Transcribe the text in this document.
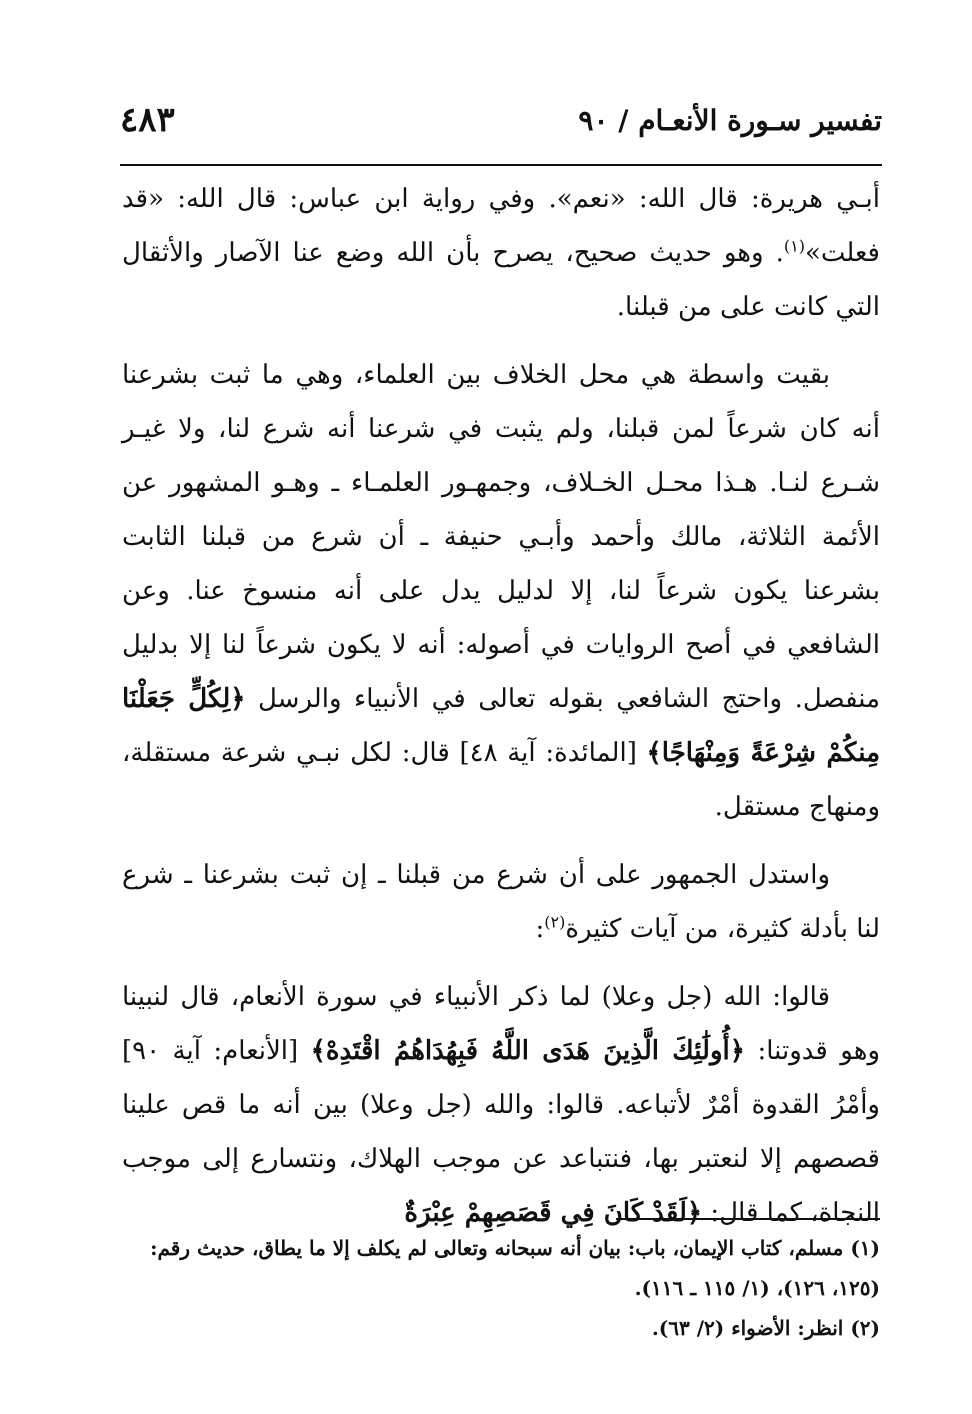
٤٨٣	تفسير سـورة الأنعـام / ٩٠

أبـي هريرة: قال الله: «نعم». وفي رواية ابن عباس: قال الله: «قد فعلت»$^{(١)}$. وهو حديث صحيح، يصرح بأن الله وضع عنا الآصار والأثقال التي كانت على من قبلنا.

بقيت واسطة هي محل الخلاف بين العلماء، وهي ما ثبت بشرعنا أنه كان شرعاً لمن قبلنا، ولم يثبت في شرعنا أنه شرع لنا، ولا غيـر شـرع لنـا. هـذا محـل الخـلاف، وجمهـور العلمـاء ـ وهـو المشهور عن الأئمة الثلاثة، مالك وأحمد وأبـي حنيفة ـ أن شرع من قبلنا الثابت بشرعنا يكون شرعاً لنا، إلا لدليل يدل على أنه منسوخ عنا. وعن الشافعي في أصح الروايات في أصوله: أنه لا يكون شرعاً لنا إلا بدليل منفصل. واحتج الشافعي بقوله تعالى في الأنبياء والرسل ﴿لِكُلٍّ جَعَلْنَا مِنكُمْ شِرْعَةً وَمِنْهَاجًا﴾ [المائدة: آية ٤٨] قال: لكل نبـي شرعة مستقلة، ومنهاج مستقل.

واستدل الجمهور على أن شرع من قبلنا ـ إن ثبت بشرعنا ـ شرع لنا بأدلة كثيرة، من آيات كثيرة$^{(٢)}$:

قالوا: الله (جل وعلا) لما ذكر الأنبياء في سورة الأنعام، قال لنبينا وهو قدوتنا: ﴿أُولَٰئِكَ الَّذِينَ هَدَى اللَّهُ فَبِهُدَاهُمُ اقْتَدِهْ﴾ [الأنعام: آية ٩٠] وأمْرُ القدوة أمْرٌ لأتباعه. قالوا: والله (جل وعلا) بين أنه ما قص علينا قصصهم إلا لنعتبر بها، فنتباعد عن موجب الهلاك، ونتسارع إلى موجب النجاة، كما قال: ﴿لَقَدْ كَانَ فِي قَصَصِهِمْ عِبْرَةٌ

(١) مسلم، كتاب الإيمان، باب: بيان أنه سبحانه وتعالى لم يكلف إلا ما يطاق، حديث رقم: (١٢٥، ١٢٦)، (١/ ١١٥ ـ ١١٦).

(٢) انظر: الأضواء (٢/ ٦٣).
